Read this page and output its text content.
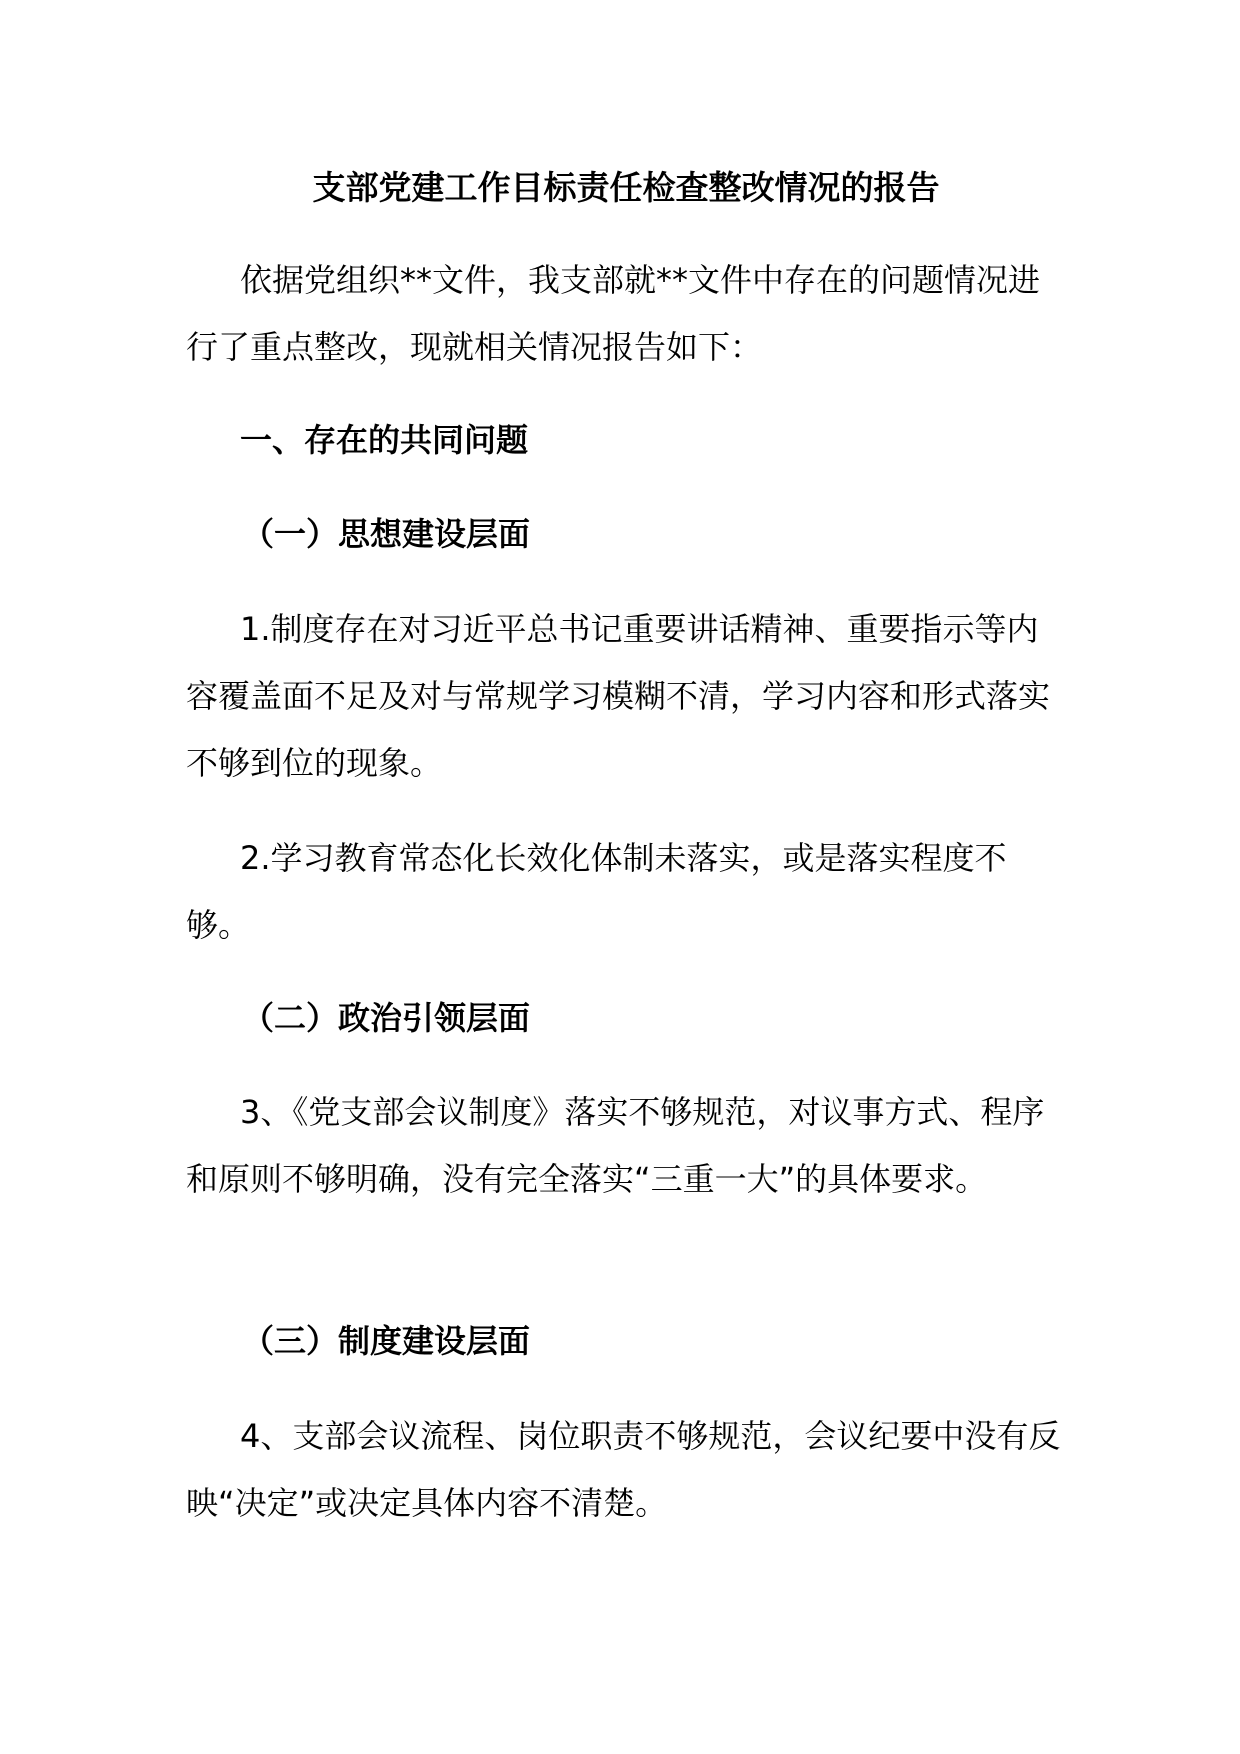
支部党建工作目标责任检查整改情况的报告

依据党组织**文件，我支部就**文件中存在的问题情况进行了重点整改，现就相关情况报告如下：

一、存在的共同问题
（一）思想建设层面

1.制度存在对习近平总书记重要讲话精神、重要指示等内容覆盖面不足及对与常规学习模糊不清，学习内容和形式落实不够到位的现象。

2.学习教育常态化长效化体制未落实，或是落实程度不够。

（二）政治引领层面

3、《党支部会议制度》落实不够规范，对议事方式、程序和原则不够明确，没有完全落实“三重一大”的具体要求。

（三）制度建设层面

4、支部会议流程、岗位职责不够规范，会议纪要中没有反映“决定”或决定具体内容不清楚。
